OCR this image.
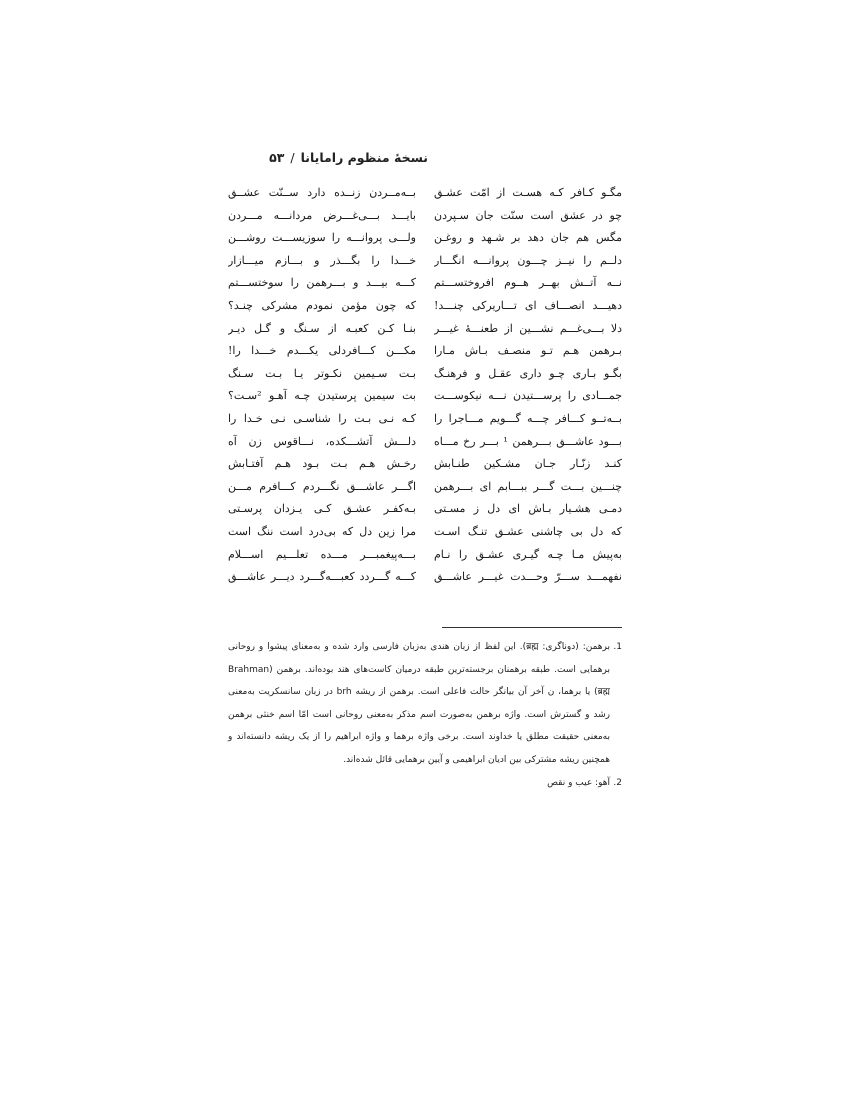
نسخهٔ منظوم رامایانا/۵۳
مگـو کـافر کـه هسـت از امّت عشـق
بــه‌مــردن زنــده دارد ســنّت عشــق
چو در عشق است سنّت جان سـپردن
بایـــد بـــی‌غـــرض مردانـــه مـــردن
مگس هم جان دهد بر شـهد و روغـن
ولـــی پروانـــه را سوزیســـت روشـــن
دلــم را نیــز چـــون پروانـــه انگـــار
خـــدا را بگـــذر و بـــازم میـــازار
نــه آتــش بهــر هــوم افروختســـتم
کـــه بیـــد و بـــرهمن را سوختســـتم
دهیـــد انصـــاف ای تـــاریرکی چنـــد!
که چون مؤمن نمودم مشرکی چنـد؟
دلا بـــی‌غـــم نشـــین از طعنـــهٔ غیـــر
بنـا کـن کعبـه از سـنگ و گـل دیـر
بـرهمن هـم تـو منصـف بـاش مـارا
مکـــن کـــافردلی یکـــدم خـــدا را!
بگـو بـاری چـو داری عقـل و فرهنـگ
بـت سـیمین نکـوتر یـا بـت سـنگ
جمـــادی را پرســـتیدن نـــه نیکوســـت
بت سیمین پرستیدن چـه آهـو ²سـت؟
بــه‌تــو کـــافر چـــه گـــویم مـــاجرا را
کـه نـی بـت را شناسـی نـی خـدا را
بـــود عاشـــق بـــرهمن ¹ بـــر رخ مـــاه
دلـــش آتشـــکده، نـــاقوس زن آه
کنـد زنّـار جـان مشـکین طنـابش
رخـش هـم بـت بـود هـم آفتـابش
چنـــین بـــت گـــر ببـــابم ای بـــرهمن
اگـــر عاشـــق نگـــردم کـــافرم مـــن
دمـی هشـیار بـاش ای دل ز مسـتی
بـه‌کفـر عشـق کـی یـزدان پرسـتی
که دل بی چاشنی عشـق تنـگ اسـت
مرا زین دل که بی‌درد است ننگ است
به‌پیش مـا چـه گیـری عشـق را نـام
بـــه‌پیغمبـــر مـــده تعلـــیم اســـلام
نفهمـــد ســـرّ وحـــدت غیـــر عاشـــق
کـــه گـــردد کعبـــه‌گـــرد دیـــر عاشـــق
1.
برهمن: (دوناگری: ब्रह्म). این لفظ از زبان هندی به‌زبان فارسی وارد شده و به‌معنای پیشوا و روحانی برهمایی است. طبقه برهمنان برجسته‌ترین طبقه درمیان کاست‌های هند بوده‌اند. برهمن (Brahman ब्रह्म) یا برهما، ن آخر آن بیانگر حالت فاعلی است. برهمن از ریشه brh در زبان سانسکریت به‌معنی رشد و گسترش است. واژه برهمن به‌صورت اسم مذکر به‌معنی روحانی است امّا اسم خنثی برهمن به‌معنی حقیقت مطلق یا خداوند است. برخی واژه برهما و واژه ابراهیم را از یک ریشه دانسته‌اند و همچنین ریشه مشترکی بین ادیان ابراهیمی و آیین برهمایی قائل شده‌اند.
2.
آهو: عیب و نقص
